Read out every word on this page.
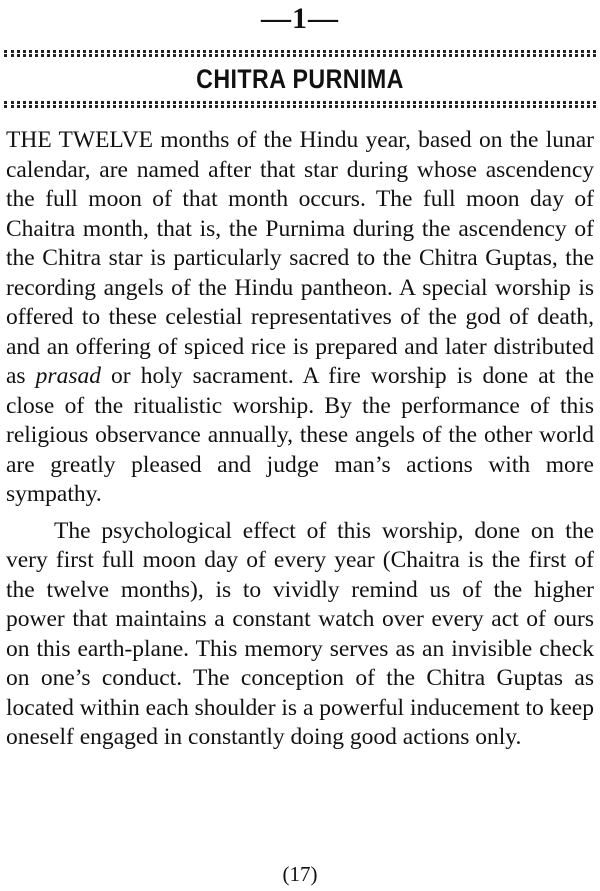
—1—
CHITRA PURNIMA

THE TWELVE months of the Hindu year, based on the lunar calendar, are named after that star during whose ascendency the full moon of that month occurs. The full moon day of Chaitra month, that is, the Purnima during the ascendency of the Chitra star is particularly sacred to the Chitra Guptas, the recording angels of the Hindu pantheon. A special worship is offered to these celestial representatives of the god of death, and an offering of spiced rice is prepared and later distributed as prasad or holy sacrament. A fire worship is done at the close of the ritualistic worship. By the performance of this religious observance annually, these angels of the other world are greatly pleased and judge man’s actions with more sympathy.

The psychological effect of this worship, done on the very first full moon day of every year (Chaitra is the first of the twelve months), is to vividly remind us of the higher power that maintains a constant watch over every act of ours on this earth-plane. This memory serves as an invisible check on one’s conduct. The conception of the Chitra Guptas as located within each shoulder is a powerful inducement to keep oneself engaged in constantly doing good actions only.

(17)
